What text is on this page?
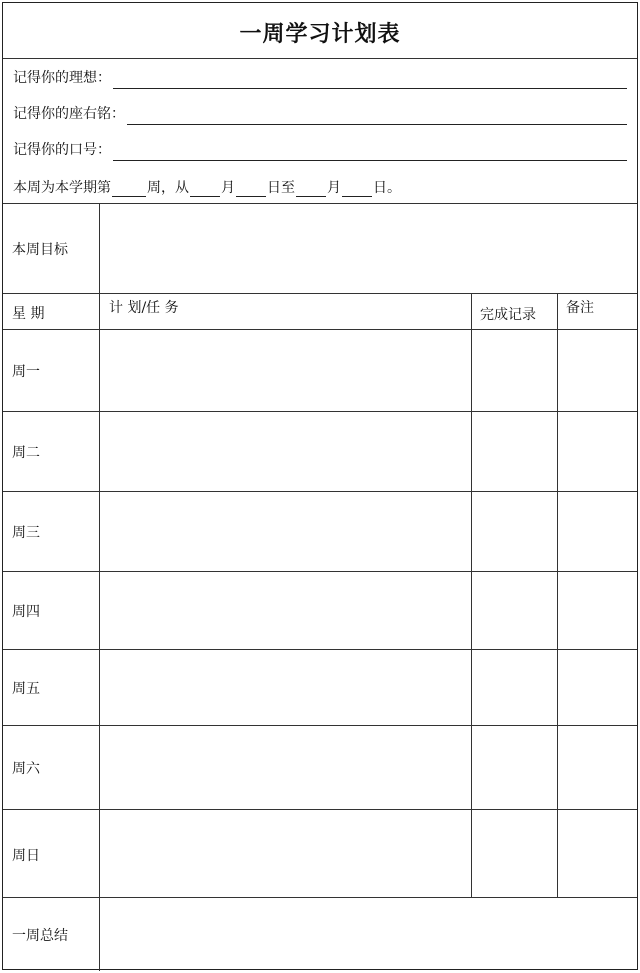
一周学习计划表
记得你的理想：
记得你的座右铭：
记得你的口号：
本周为本学期第	周，从 月 日至 月 日。
本周目标
星 期	计 划/任 务	完成记录 备注
周一
周二
周三
周四
周五
周六
周日
一周总结
